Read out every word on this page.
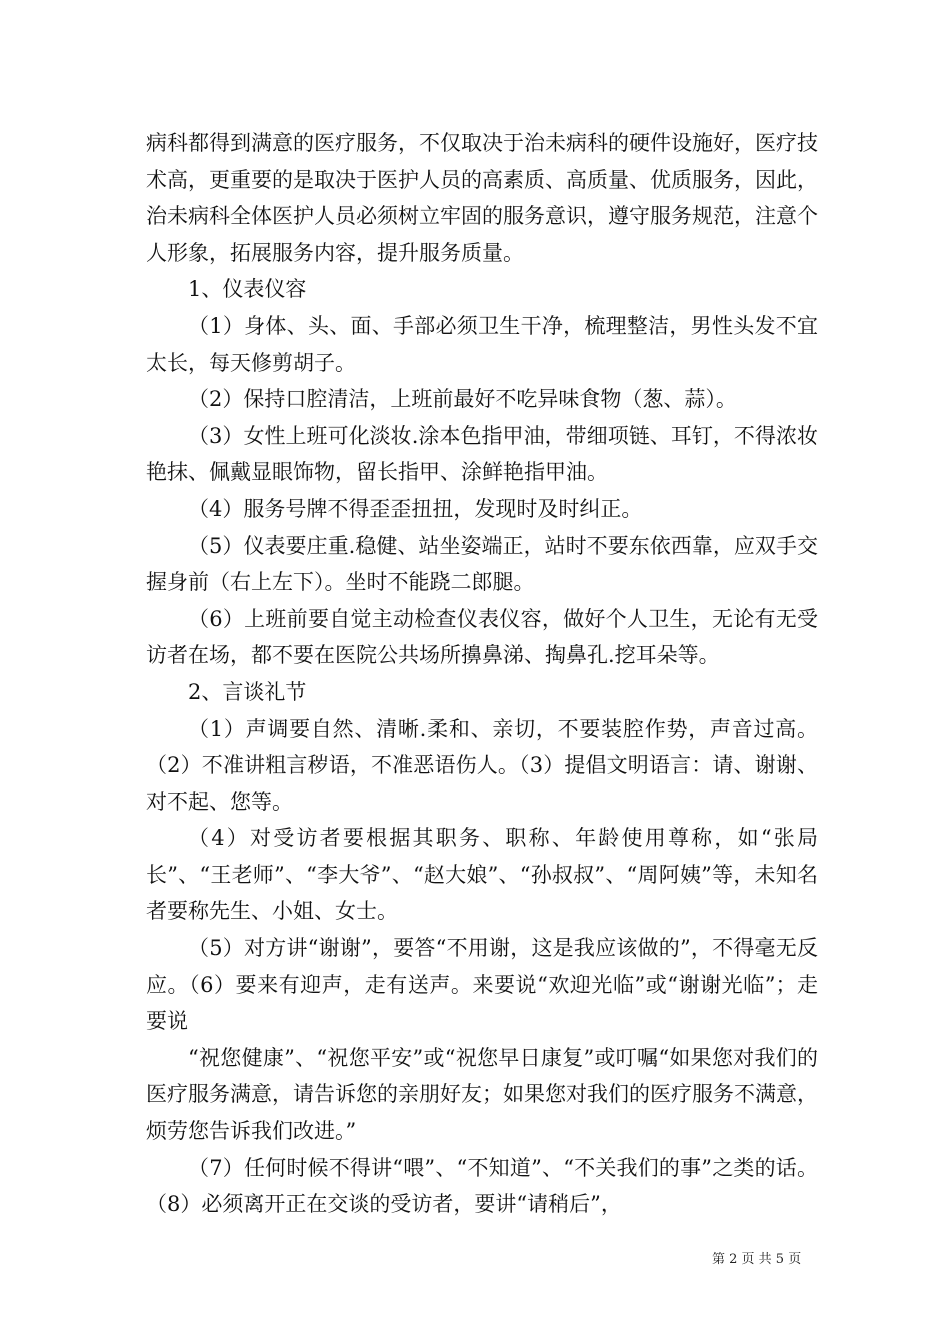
病科都得到满意的医疗服务，不仅取决于治未病科的硬件设施好，医疗技术高，更重要的是取决于医护人员的高素质、高质量、优质服务，因此，治未病科全体医护人员必须树立牢固的服务意识，遵守服务规范，注意个人形象，拓展服务内容，提升服务质量。

1、仪表仪容

（1）身体、头、面、手部必须卫生干净，梳理整洁，男性头发不宜太长，每天修剪胡子。

（2）保持口腔清洁，上班前最好不吃异味食物（葱、蒜）。

（3）女性上班可化淡妆.涂本色指甲油，带细项链、耳钉，不得浓妆艳抹、佩戴显眼饰物，留长指甲、涂鲜艳指甲油。

（4）服务号牌不得歪歪扭扭，发现时及时纠正。

（5）仪表要庄重.稳健、站坐姿端正，站时不要东依西靠，应双手交握身前（右上左下）。坐时不能跷二郎腿。

（6）上班前要自觉主动检查仪表仪容，做好个人卫生，无论有无受访者在场，都不要在医院公共场所擤鼻涕、掏鼻孔.挖耳朵等。

2、言谈礼节

（1）声调要自然、清晰.柔和、亲切，不要装腔作势，声音过高。（2）不准讲粗言秽语，不准恶语伤人。（3）提倡文明语言：请、谢谢、对不起、您等。

（4）对受访者要根据其职务、职称、年龄使用尊称，如“张局长”、“王老师”、“李大爷”、“赵大娘”、“孙叔叔”、“周阿姨”等，未知名者要称先生、小姐、女士。

（5）对方讲“谢谢”，要答“不用谢，这是我应该做的”，不得毫无反应。（6）要来有迎声，走有送声。来要说“欢迎光临”或“谢谢光临”；走要说

“祝您健康”、“祝您平安”或“祝您早日康复”或叮嘱“如果您对我们的医疗服务满意，请告诉您的亲朋好友；如果您对我们的医疗服务不满意，烦劳您告诉我们改进。”

（7）任何时候不得讲“喂”、“不知道”、“不关我们的事”之类的话。（8）必须离开正在交谈的受访者，要讲“请稍后”，

第 2 页 共 5 页
